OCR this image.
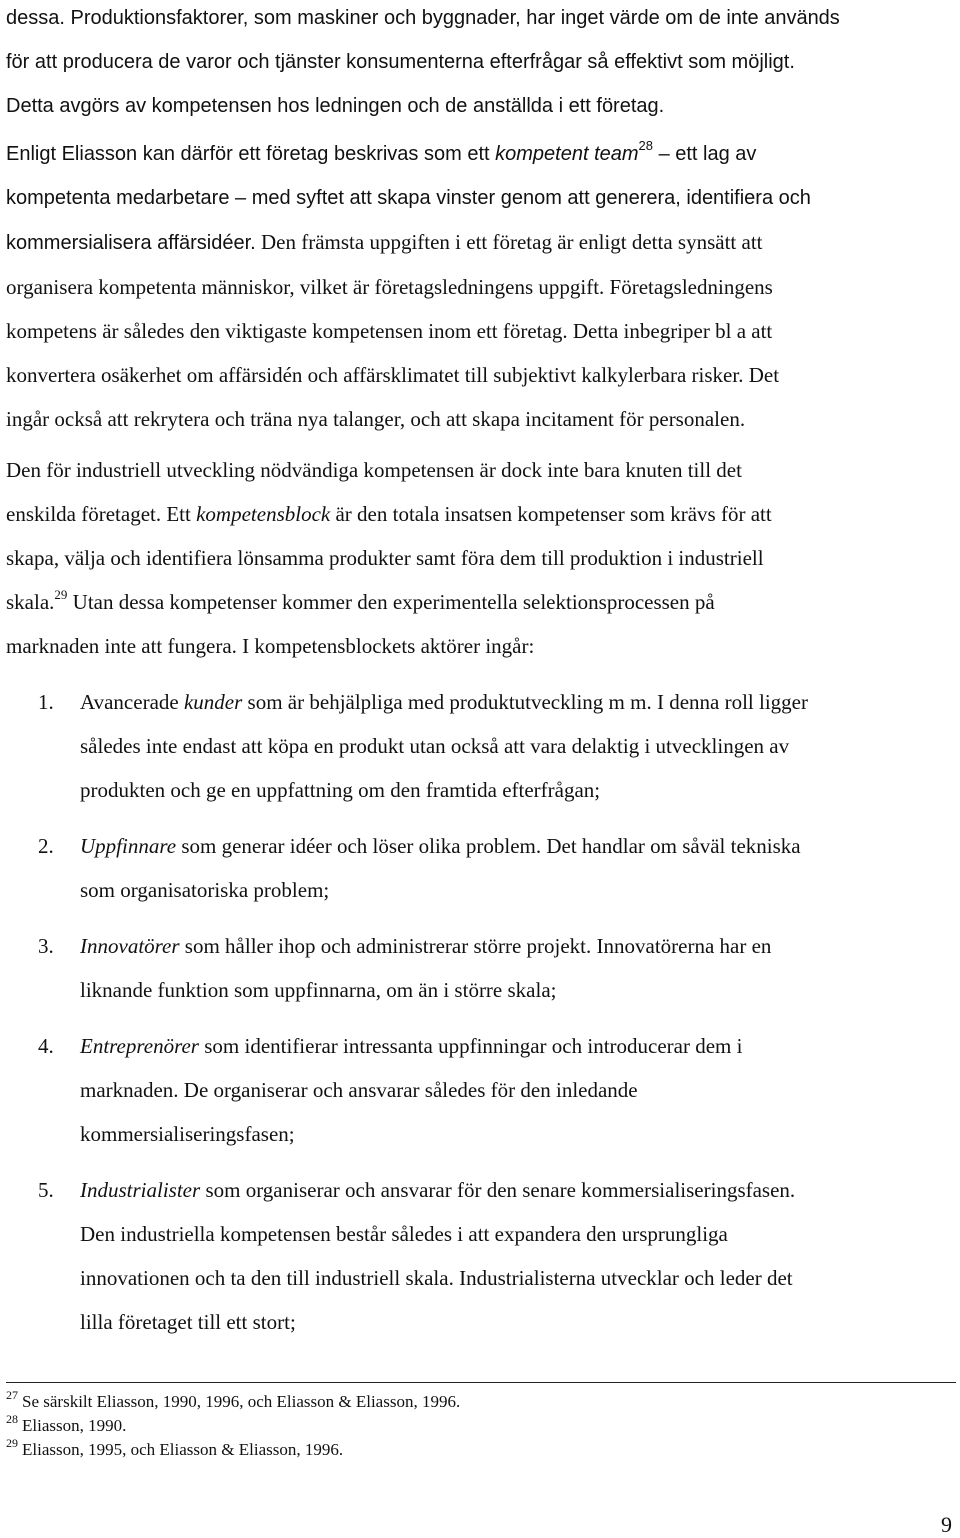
dessa. Produktionsfaktorer, som maskiner och byggnader, har inget värde om de inte används
för att producera de varor och tjänster konsumenterna efterfrågar så effektivt som möjligt.
Detta avgörs av kompetensen hos ledningen och de anställda i ett företag.
Enligt Eliasson kan därför ett företag beskrivas som ett kompetent team$^{28}$ – ett lag av
kompetenta medarbetare – med syftet att skapa vinster genom att generera, identifiera och
kommersialisera affärsidéer. Den främsta uppgiften i ett företag är enligt detta synsätt att
organisera kompetenta människor, vilket är företagsledningens uppgift. Företagsledningens
kompetens är således den viktigaste kompetensen inom ett företag. Detta inbegriper bl a att
konvertera osäkerhet om affärsidén och affärsklimatet till subjektivt kalkylerbara risker. Det
ingår också att rekrytera och träna nya talanger, och att skapa incitament för personalen.
Den för industriell utveckling nödvändiga kompetensen är dock inte bara knuten till det
enskilda företaget. Ett kompetensblock är den totala insatsen kompetenser som krävs för att
skapa, välja och identifiera lönsamma produkter samt föra dem till produktion i industriell
skala.$^{29}$ Utan dessa kompetenser kommer den experimentella selektionsprocessen på
marknaden inte att fungera. I kompetensblockets aktörer ingår:
1. Avancerade kunder som är behjälpliga med produktutveckling m m. I denna roll ligger
således inte endast att köpa en produkt utan också att vara delaktig i utvecklingen av
produkten och ge en uppfattning om den framtida efterfrågan;
2. Uppfinnare som generar idéer och löser olika problem. Det handlar om såväl tekniska
som organisatoriska problem;
3. Innovatörer som håller ihop och administrerar större projekt. Innovatörerna har en
liknande funktion som uppfinnarna, om än i större skala;
4. Entreprenörer som identifierar intressanta uppfinningar och introducerar dem i
marknaden. De organiserar och ansvarar således för den inledande
kommersialiseringsfasen;
5. Industrialister som organiserar och ansvarar för den senare kommersialiseringsfasen.
Den industriella kompetensen består således i att expandera den ursprungliga
innovationen och ta den till industriell skala. Industrialisterna utvecklar och leder det
lilla företaget till ett stort;
$^{27}$ Se särskilt Eliasson, 1990, 1996, och Eliasson & Eliasson, 1996.
$^{28}$ Eliasson, 1990.
$^{29}$ Eliasson, 1995, och Eliasson & Eliasson, 1996.
9
